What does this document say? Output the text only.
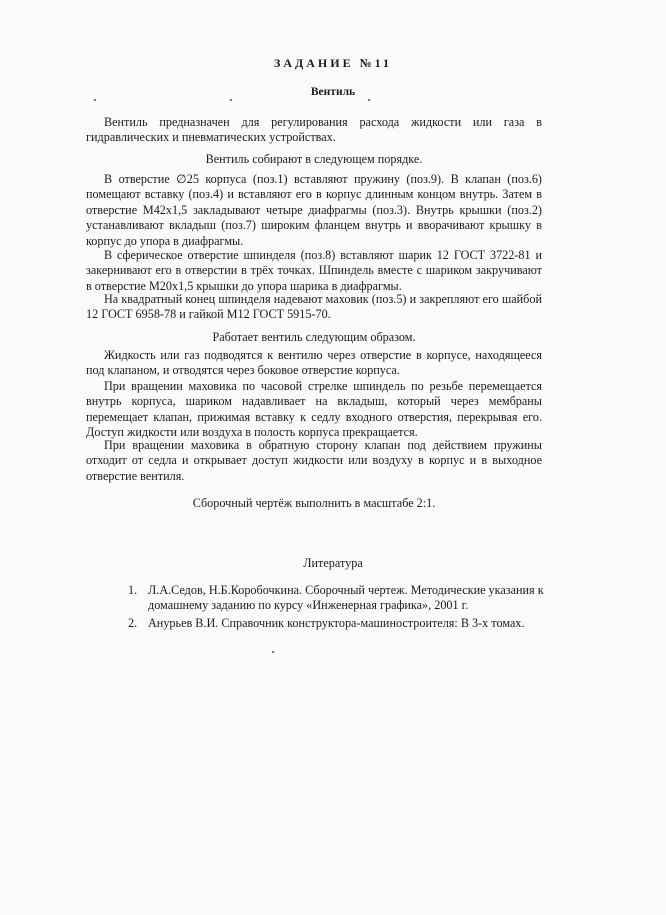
ЗАДАНИЕ №11
Вентиль
Вентиль предназначен для регулирования расхода жидкости или газа в гидравлических и пневматических устройствах.
Вентиль собирают в следующем порядке.
В отверстие ∅25 корпуса (поз.1) вставляют пружину (поз.9). В клапан (поз.6) помещают вставку (поз.4) и вставляют его в корпус длинным концом внутрь. Затем в отверстие М42х1,5 закладывают четыре диафрагмы (поз.3). Внутрь крышки (поз.2) устанавливают вкладыш (поз.7) широким фланцем внутрь и вворачивают крышку в корпус до упора в диафрагмы.
В сферическое отверстие шпинделя (поз.8) вставляют шарик 12 ГОСТ 3722-81 и закернивают его в отверстии в трёх точках. Шпиндель вместе с шариком закручивают в отверстие М20х1,5 крышки до упора шарика в диафрагмы.
На квадратный конец шпинделя надевают маховик (поз.5) и закрепляют его шайбой 12 ГОСТ 6958-78 и гайкой М12 ГОСТ 5915-70.
Работает вентиль следующим образом.
Жидкость или газ подводятся к вентилю через отверстие в корпусе, находящееся под клапаном, и отводятся через боковое отверстие корпуса.
При вращении маховика по часовой стрелке шпиндель по резьбе перемещается внутрь корпуса, шариком надавливает на вкладыш, который через мембраны перемещает клапан, прижимая вставку к седлу входного отверстия, перекрывая его. Доступ жидкости или воздуха в полость корпуса прекращается.
При вращении маховика в обратную сторону клапан под действием пружины отходит от седла и открывает доступ жидкости или воздуху в корпус и в выходное отверстие вентиля.
Сборочный чертёж выполнить в масштабе 2:1.
Литература
1. Л.А.Седов, Н.Б.Коробочкина. Сборочный чертеж. Методические указания к домашнему заданию по курсу «Инженерная графика», 2001 г.
2. Анурьев В.И. Справочник конструктора-машиностроителя: В 3-х томах.
